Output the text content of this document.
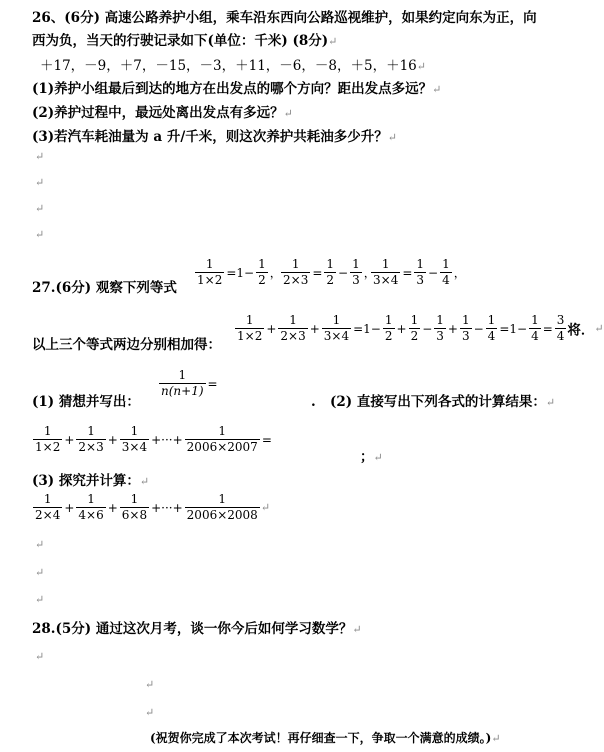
26、(6分) 高速公路养护小组，乘车沿东西向公路巡视维护，如果约定向东为正，向
西为负，当天的行驶记录如下(单位：千米) (8分)↵
＋17，－9，＋7，－15，－3，＋11，－6，－8，＋5，＋16↵
(1)养护小组最后到达的地方在出发点的哪个方向？距出发点多远？↵
(2)养护过程中，最远处离出发点有多远？↵
(3)若汽车耗油量为 a 升/千米，则这次养护共耗油多少升？↵
↵
↵
↵
↵
27.(6分) 观察下列等式 $\frac{1}{1\times 2} =1- \frac{1}{2}$ ， $\frac{1}{2\times 3} = \frac{1}{2} - \frac{1}{3}$ ，
$\frac{1}{3\times 4} = \frac{1}{3} - \frac{1}{4}$ ，
以上三个等式两边分别相加得：
$\frac{1}{1\times 2} + \frac{1}{2\times 3} + \frac{1}{3\times 4} =1- \frac{1}{2} + \frac{1}{2} - \frac{1}{3} + \frac{1}{3} - \frac{1}{4} =1- \frac{1}{4} = \frac{3}{4}$ 将．↵
(1) 猜想并写出：
$\frac{1}{n(n+1)}$ =
. (2) 直接写出下列各式的计算结果：↵
$\frac{1}{1\times 2} + \frac{1}{2\times 3} + \frac{1}{3\times 4}$ +···+ $\frac{1}{2006\times 2007}$ =
；↵
(3) 探究并计算：↵
$\frac{1}{2\times 4} + \frac{1}{4\times 6} + \frac{1}{6\times 8}$ +···+ $\frac{1}{2006\times 2008}$ ↵
↵
↵
↵
28.(5分) 通过这次月考，谈一你今后如何学习数学？↵
↵
↵
↵
(祝贺你完成了本次考试！再仔细查一下，争取一个满意的成绩。)↵
